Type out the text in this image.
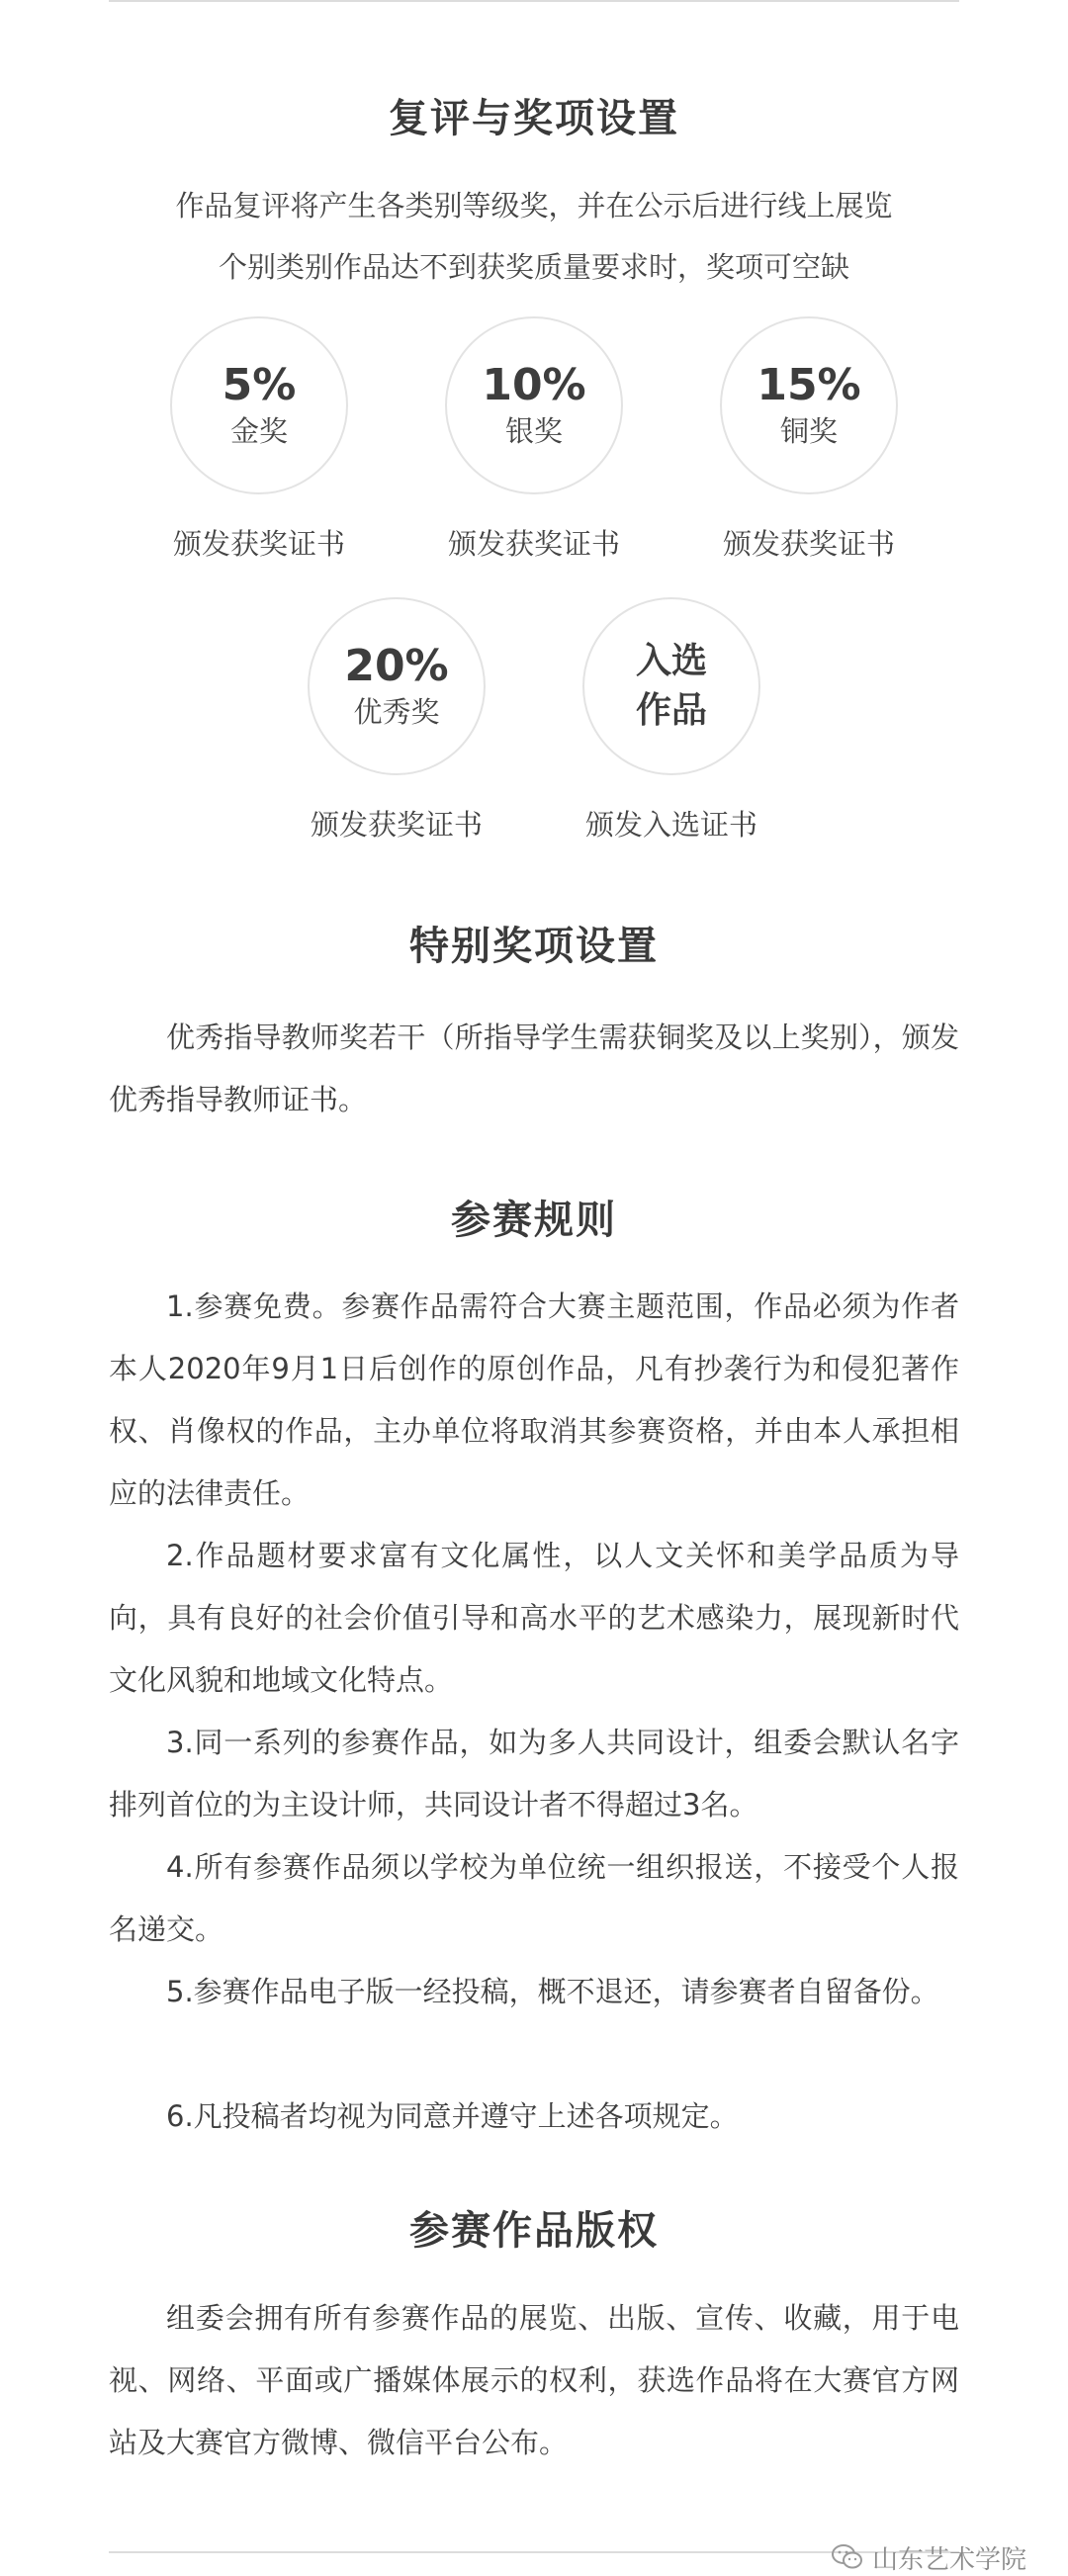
复评与奖项设置

作品复评将产生各类别等级奖，并在公示后进行线上展览

个别类别作品达不到获奖质量要求时，奖项可空缺

5%
金奖
颁发获奖证书
10%
银奖
颁发获奖证书
15%
铜奖
颁发获奖证书
20%
优秀奖
颁发获奖证书
入选
作品
颁发入选证书
特别奖项设置

优秀指导教师奖若干（所指导学生需获铜奖及以上奖别），颁发优秀指导教师证书。

参赛规则

1.参赛免费。参赛作品需符合大赛主题范围，作品必须为作者本人2020年9月1日后创作的原创作品，凡有抄袭行为和侵犯著作权、肖像权的作品，主办单位将取消其参赛资格，并由本人承担相应的法律责任。

2.作品题材要求富有文化属性，以人文关怀和美学品质为导向，具有良好的社会价值引导和高水平的艺术感染力，展现新时代文化风貌和地域文化特点。

3.同一系列的参赛作品，如为多人共同设计，组委会默认名字排列首位的为主设计师，共同设计者不得超过3名。

4.所有参赛作品须以学校为单位统一组织报送，不接受个人报名递交。

5.参赛作品电子版一经投稿，概不退还，请参赛者自留备份。

6.凡投稿者均视为同意并遵守上述各项规定。

参赛作品版权

组委会拥有所有参赛作品的展览、出版、宣传、收藏，用于电视、网络、平面或广播媒体展示的权利，获选作品将在大赛官方网站及大赛官方微博、微信平台公布。

山东艺术学院
